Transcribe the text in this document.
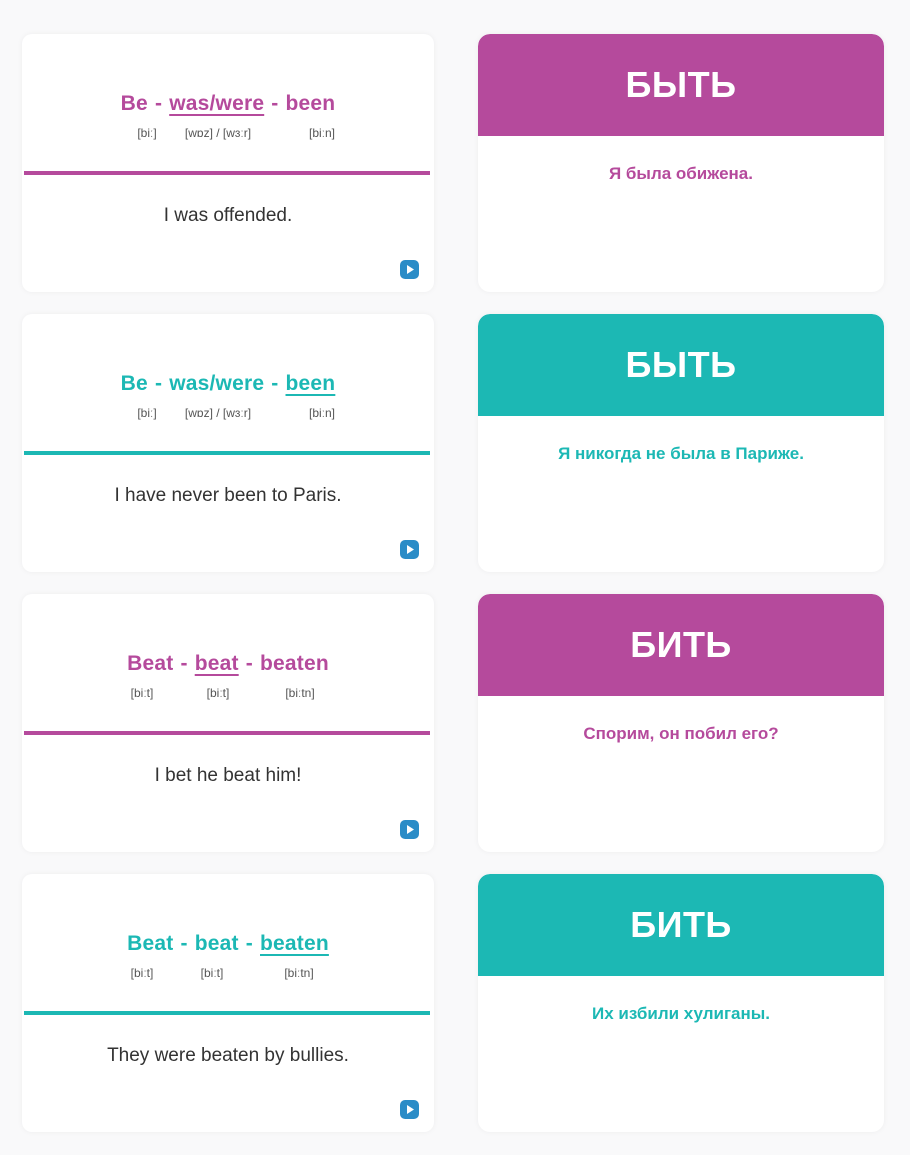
Be - was/were - been
[biː] [wɒz] / [wɜːr]	[biːn]
I was offended.
БЫТЬ
Я была обижена.
Be - was/were - been
[biː] [wɒz] / [wɜːr]	[biːn]
I have never been to Paris.
БЫТЬ
Я никогда не была в Париже.
Beat - beat - beaten
[biːt]	[biːt]	[biːtn]
I bet he beat him!
БИТЬ
Спорим, он побил его?
Beat - beat - beaten
[biːt]	[biːt]	[biːtn]
They were beaten by bullies.
БИТЬ
Их избили хулиганы.
